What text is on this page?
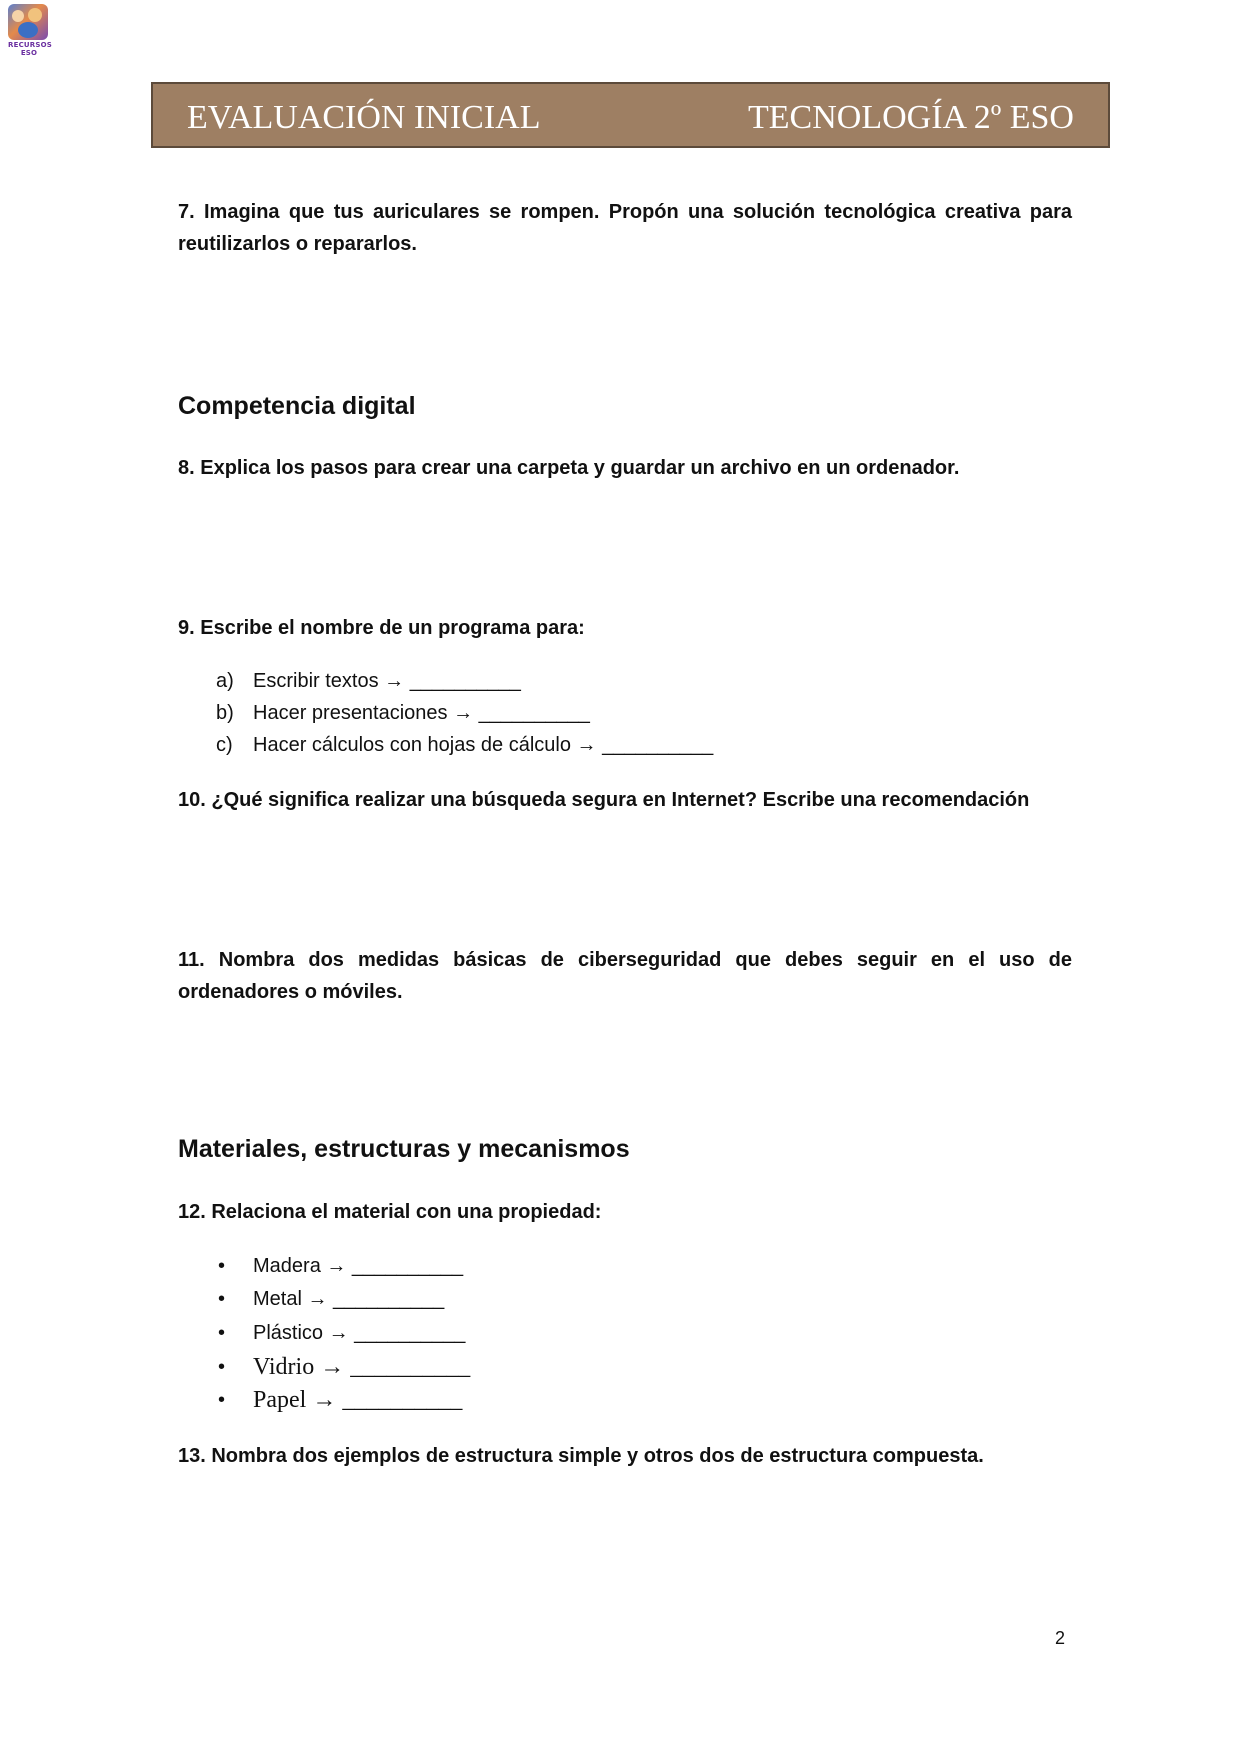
RECURSOS ESO
EVALUACIÓN INICIAL	TECNOLOGÍA 2º ESO
7. Imagina que tus auriculares se rompen. Propón una solución tecnológica creativa para reutilizarlos o repararlos.
Competencia digital
8. Explica los pasos para crear una carpeta y guardar un archivo en un ordenador.
9. Escribe el nombre de un programa para:
a) Escribir textos → __________
b) Hacer presentaciones → __________
c) Hacer cálculos con hojas de cálculo → __________
10. ¿Qué significa realizar una búsqueda segura en Internet? Escribe una recomendación
11. Nombra dos medidas básicas de ciberseguridad que debes seguir en el uso de ordenadores o móviles.
Materiales, estructuras y mecanismos
12. Relaciona el material con una propiedad:
• Madera → __________
• Metal → __________
• Plástico → __________
• Vidrio → __________
• Papel → __________
13. Nombra dos ejemplos de estructura simple y otros dos de estructura compuesta.
2
